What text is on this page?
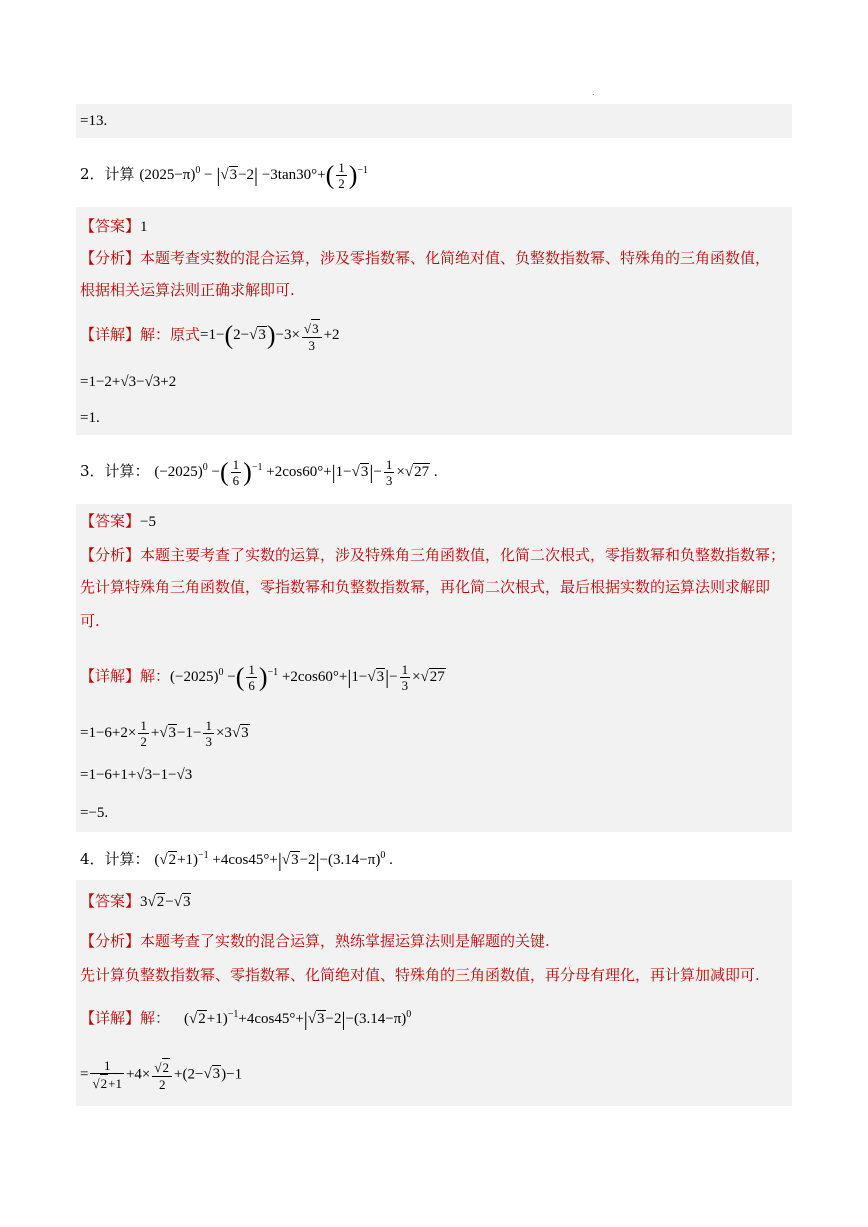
.
=13.
2．计算 $(2025-\pi)^0 - |√3-2| -3\tan 30^\circ+( \frac{1}{2} )^{-1}$
【答案】1
【分析】本题考查实数的混合运算，涉及零指数幂、化简绝对值、负整数指数幂、特殊角的三角函数值，
根据相关运算法则正确求解即可.
【详解】解：原式$=1-(2-√3)-3\times \frac{√3}{3} +2$
=1−2+√3−√3+2
=1.
3．计算： $(-2025)^0$ −( $\frac{1}{6} )^{-1} +2\cos 60^\circ+|1-√3|- \frac{1}{3} \times√27$ .
【答案】−5
【分析】本题主要考查了实数的运算，涉及特殊角三角函数值，化简二次根式，零指数幂和负整数指数幂；
先计算特殊角三角函数值，零指数幂和负整数指数幂，再化简二次根式，最后根据实数的运算法则求解即
可.
【详解】解：$(-2025)^0$ −( $\frac{1}{6} )^{-1} +2\cos 60^\circ+|1-√3|- \frac{1}{3} \times√27$
$=1-6+2\times \frac{1}{2} +√3-1- \frac{1}{3} \times 3√3$
=1−6+1+√3−1−√3
=−5.
4．计算： $(√2+1)^{-1} +4\cos 45^\circ+|√3-2|-(3.14-\pi)^0$ .
【答案】3√2−√3
【分析】本题考查了实数的混合运算，熟练掌握运算法则是解题的关键.
先计算负整数指数幂、零指数幂、化简绝对值、特殊角的三角函数值，再分母有理化，再计算加减即可.
【详解】解： $(√2+1)^{-1}+4\cos 45^\circ+|√3-2|-(3.14-\pi)^0$
= $\frac{1}{√2+1} +4\times \frac{√2}{2} +(2-√3)-1$
